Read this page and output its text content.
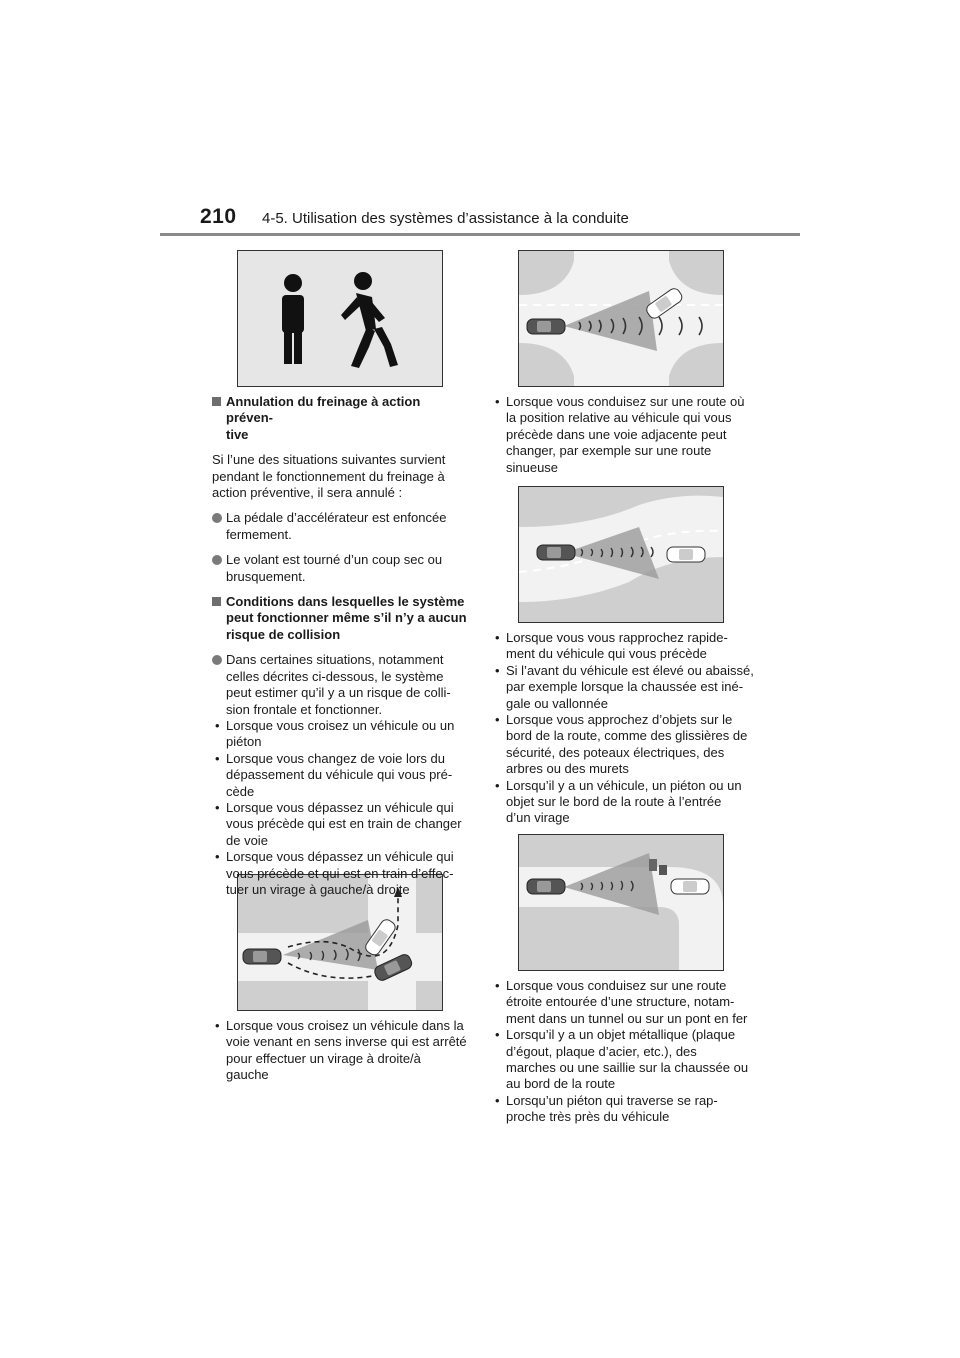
210 4-5. Utilisation des systèmes d’assistance à la conduite

Annulation du freinage à action préven-

tive

Si l’une des situations suivantes survient

pendant le fonctionnement du freinage à

action préventive, il sera annulé :

La pédale d’accélérateur est enfoncée

fermement.

Le volant est tourné d’un coup sec ou

brusquement.

Conditions dans lesquelles le système

peut fonctionner même s’il n’y a aucun

risque de collision

Dans certaines situations, notamment

celles décrites ci-dessous, le système

peut estimer qu’il y a un risque de colli-

sion frontale et fonctionner.

• Lorsque vous croisez un véhicule ou un

piéton

• Lorsque vous changez de voie lors du

dépassement du véhicule qui vous pré-

cède

• Lorsque vous dépassez un véhicule qui

vous précède qui est en train de changer

de voie

• Lorsque vous dépassez un véhicule qui

vous précède et qui est en train d’effec-

tuer un virage à gauche/à droite

• Lorsque vous croisez un véhicule dans la

voie venant en sens inverse qui est arrêté

pour effectuer un virage à droite/à

gauche

• Lorsque vous conduisez sur une route où

la position relative au véhicule qui vous

précède dans une voie adjacente peut

changer, par exemple sur une route

sinueuse

• Lorsque vous vous rapprochez rapide-

ment du véhicule qui vous précède

• Si l’avant du véhicule est élevé ou abaissé,

par exemple lorsque la chaussée est iné-

gale ou vallonnée

• Lorsque vous approchez d’objets sur le

bord de la route, comme des glissières de

sécurité, des poteaux électriques, des

arbres ou des murets

• Lorsqu’il y a un véhicule, un piéton ou un

objet sur le bord de la route à l’entrée

d’un virage

• Lorsque vous conduisez sur une route

étroite entourée d’une structure, notam-

ment dans un tunnel ou sur un pont en fer

• Lorsqu’il y a un objet métallique (plaque

d’égout, plaque d’acier, etc.), des

marches ou une saillie sur la chaussée ou

au bord de la route

• Lorsqu’un piéton qui traverse se rap-

proche très près du véhicule
